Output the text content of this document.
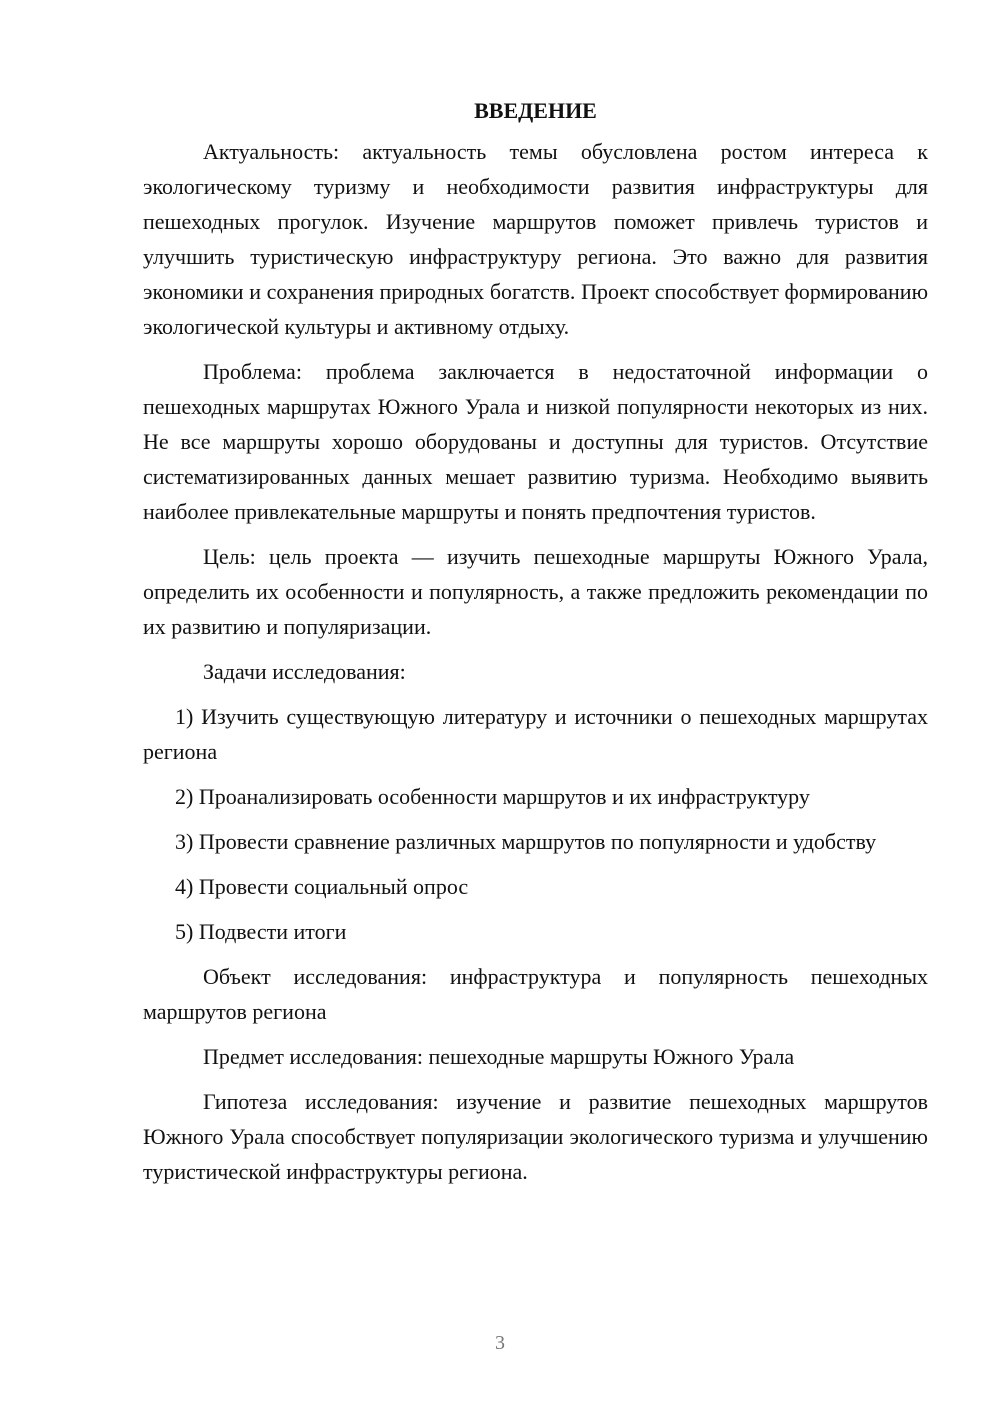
ВВЕДЕНИЕ

Актуальность: актуальность темы обусловлена ростом интереса к экологическому туризму и необходимости развития инфраструктуры для пешеходных прогулок. Изучение маршрутов поможет привлечь туристов и улучшить туристическую инфраструктуру региона. Это важно для развития экономики и сохранения природных богатств. Проект способствует формированию экологической культуры и активному отдыху.

Проблема: проблема заключается в недостаточной информации о пешеходных маршрутах Южного Урала и низкой популярности некоторых из них. Не все маршруты хорошо оборудованы и доступны для туристов. Отсутствие систематизированных данных мешает развитию туризма. Необходимо выявить наиболее привлекательные маршруты и понять предпочтения туристов.

Цель: цель проекта — изучить пешеходные маршруты Южного Урала, определить их особенности и популярность, а также предложить рекомендации по их развитию и популяризации.

Задачи исследования:

1) Изучить существующую литературу и источники о пешеходных маршрутах региона

2) Проанализировать особенности маршрутов и их инфраструктуру

3) Провести сравнение различных маршрутов по популярности и удобству

4) Провести социальный опрос

5) Подвести итоги

Объект исследования: инфраструктура и популярность пешеходных маршрутов региона

Предмет исследования: пешеходные маршруты Южного Урала

Гипотеза исследования: изучение и развитие пешеходных маршрутов Южного Урала способствует популяризации экологического туризма и улучшению туристической инфраструктуры региона.

3
